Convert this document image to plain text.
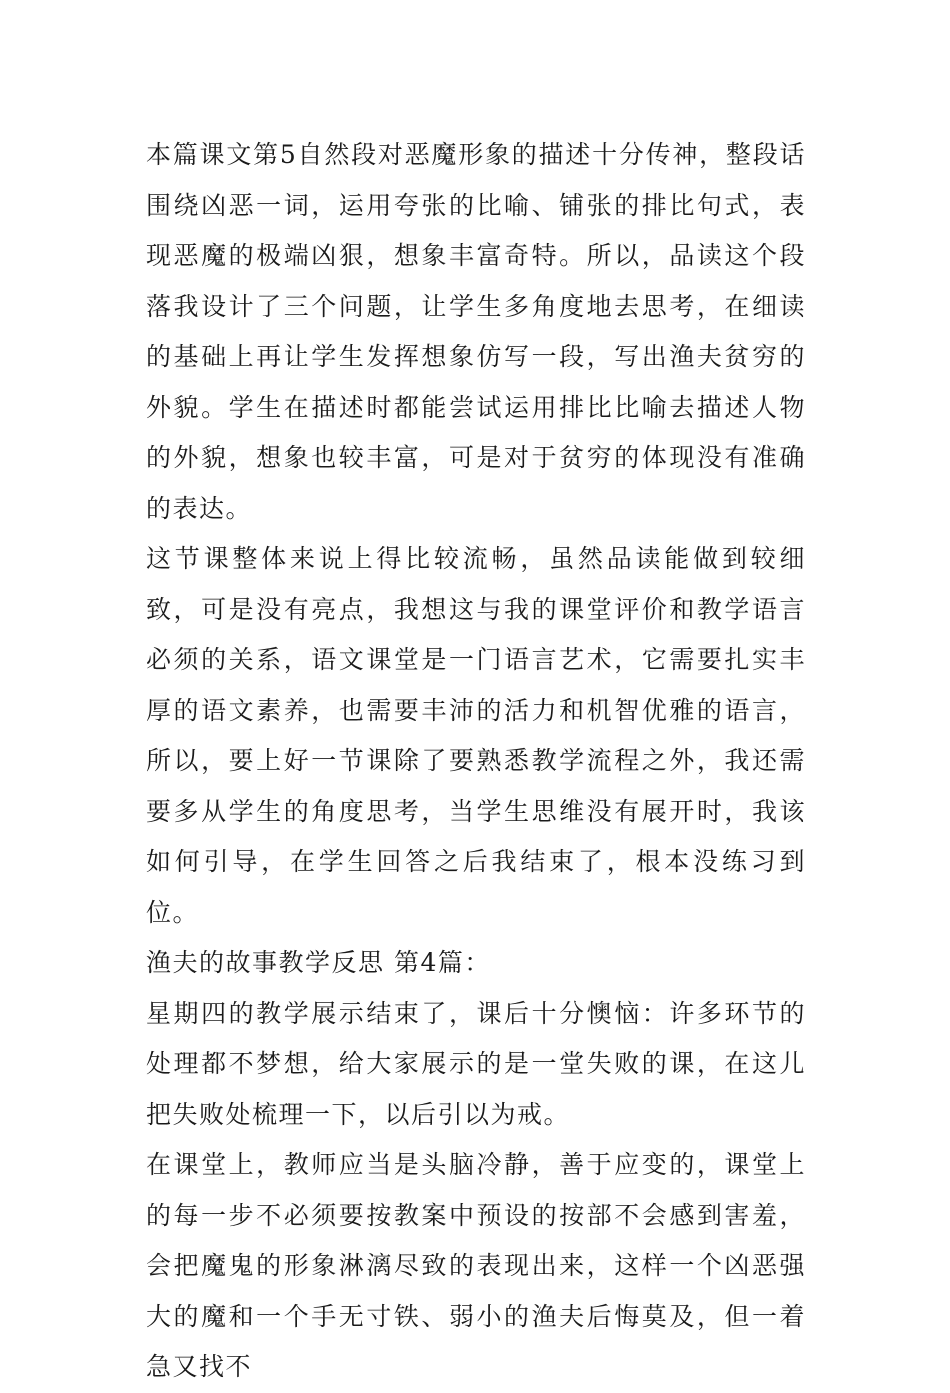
本篇课文第5自然段对恶魔形象的描述十分传神，整段话围绕凶恶一词，运用夸张的比喻、铺张的排比句式，表现恶魔的极端凶狠，想象丰富奇特。所以，品读这个段落我设计了三个问题，让学生多角度地去思考，在细读的基础上再让学生发挥想象仿写一段，写出渔夫贫穷的外貌。学生在描述时都能尝试运用排比比喻去描述人物的外貌，想象也较丰富，可是对于贫穷的体现没有准确的表达。

这节课整体来说上得比较流畅，虽然品读能做到较细致，可是没有亮点，我想这与我的课堂评价和教学语言必须的关系，语文课堂是一门语言艺术，它需要扎实丰厚的语文素养，也需要丰沛的活力和机智优雅的语言，所以，要上好一节课除了要熟悉教学流程之外，我还需要多从学生的角度思考，当学生思维没有展开时，我该如何引导，在学生回答之后我结束了，根本没练习到位。

渔夫的故事教学反思 第4篇：

星期四的教学展示结束了，课后十分懊恼：许多环节的处理都不梦想，给大家展示的是一堂失败的课，在这儿把失败处梳理一下，以后引以为戒。

在课堂上，教师应当是头脑冷静，善于应变的，课堂上的每一步不必须要按教案中预设的按部不会感到害羞，会把魔鬼的形象淋漓尽致的表现出来，这样一个凶恶强大的魔和一个手无寸铁、弱小的渔夫后悔莫及，但一着急又找不
